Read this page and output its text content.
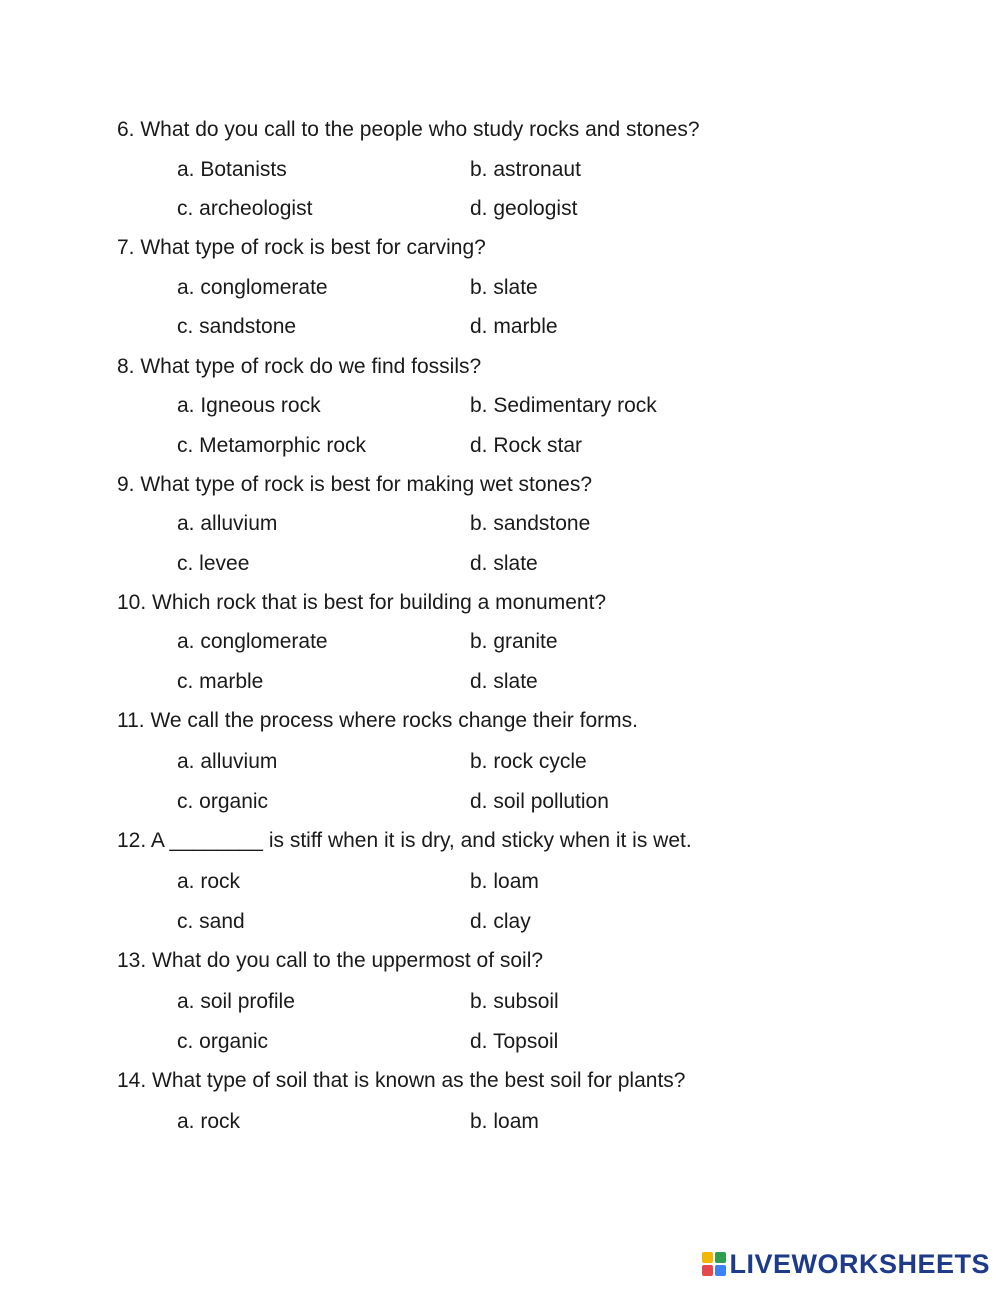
6. What do you call to the people who study rocks and stones?
a. Botanists	b. astronaut
c. archeologist	d. geologist
7. What type of rock is best for carving?
a. conglomerate	b. slate
c. sandstone	d. marble
8. What type of rock do we find fossils?
a. Igneous rock	b. Sedimentary rock
c. Metamorphic rock	d. Rock star
9. What type of rock is best for making wet stones?
a. alluvium	b. sandstone
c. levee	d. slate
10. Which rock that is best for building a monument?
a. conglomerate	b. granite
c. marble	d. slate
11. We call the process where rocks change their forms.
a. alluvium	b. rock cycle
c. organic	d. soil pollution
12. A ________ is stiff when it is dry, and sticky when it is wet.
a. rock	b. loam
c. sand	d. clay
13. What do you call to the uppermost of soil?
a. soil profile	b. subsoil
c. organic	d. Topsoil
14. What type of soil that is known as the best soil for plants?
a. rock	b. loam
LIVEWORKSHEETS
